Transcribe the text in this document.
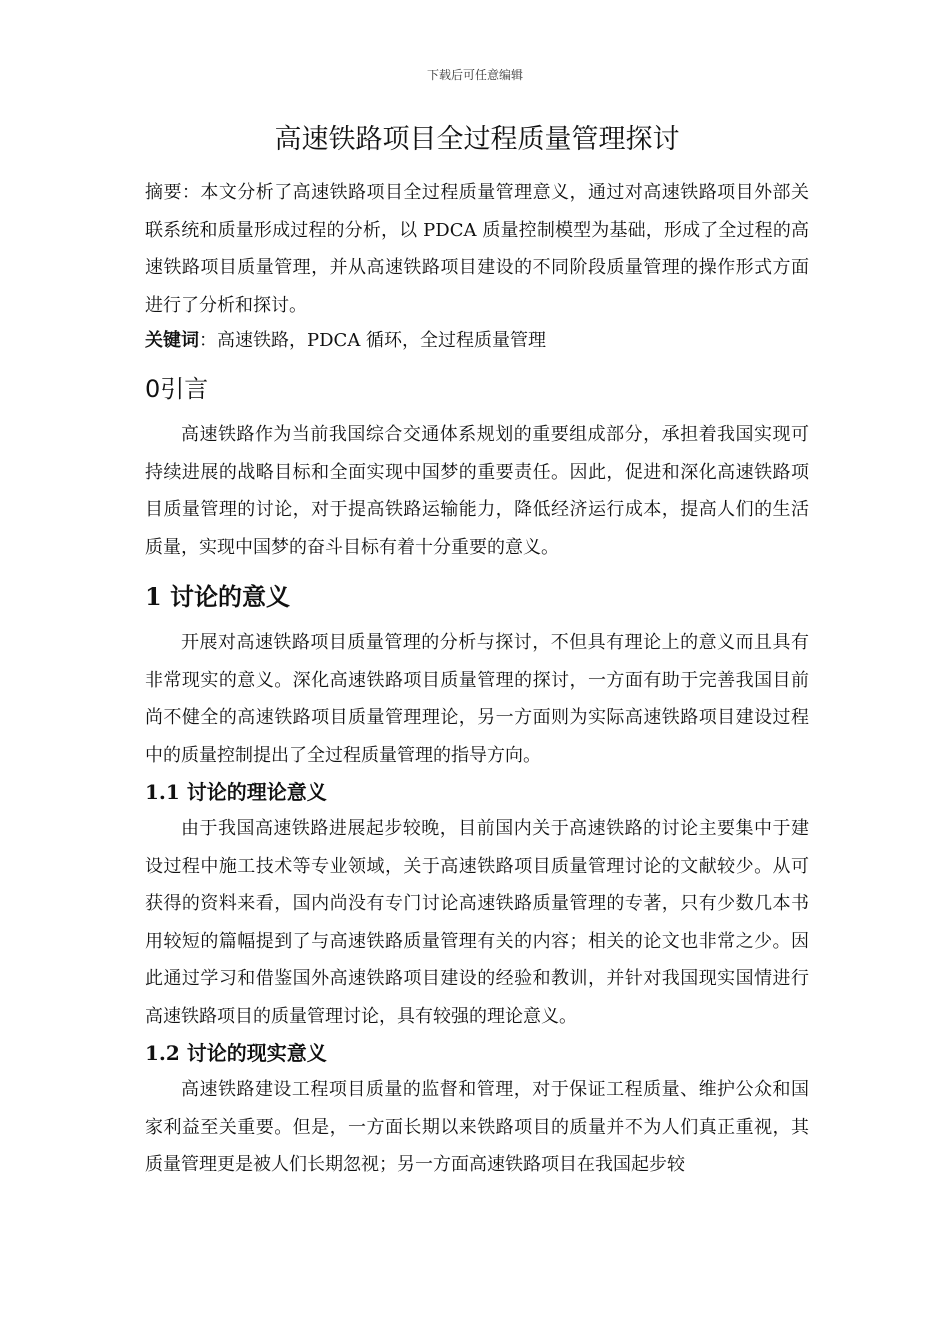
下载后可任意编辑
高速铁路项目全过程质量管理探讨

摘要：本文分析了高速铁路项目全过程质量管理意义，通过对高速铁路项目外部关联系统和质量形成过程的分析，以 PDCA 质量控制模型为基础，形成了全过程的高速铁路项目质量管理，并从高速铁路项目建设的不同阶段质量管理的操作形式方面进行了分析和探讨。

关键词：高速铁路，PDCA 循环，全过程质量管理

0引言

高速铁路作为当前我国综合交通体系规划的重要组成部分，承担着我国实现可持续进展的战略目标和全面实现中国梦的重要责任。因此，促进和深化高速铁路项目质量管理的讨论，对于提高铁路运输能力，降低经济运行成本，提高人们的生活质量，实现中国梦的奋斗目标有着十分重要的意义。

1 讨论的意义

开展对高速铁路项目质量管理的分析与探讨，不但具有理论上的意义而且具有非常现实的意义。深化高速铁路项目质量管理的探讨，一方面有助于完善我国目前尚不健全的高速铁路项目质量管理理论，另一方面则为实际高速铁路项目建设过程中的质量控制提出了全过程质量管理的指导方向。

1.1 讨论的理论意义

由于我国高速铁路进展起步较晚，目前国内关于高速铁路的讨论主要集中于建设过程中施工技术等专业领域，关于高速铁路项目质量管理讨论的文献较少。从可获得的资料来看，国内尚没有专门讨论高速铁路质量管理的专著，只有少数几本书用较短的篇幅提到了与高速铁路质量管理有关的内容；相关的论文也非常之少。因此通过学习和借鉴国外高速铁路项目建设的经验和教训，并针对我国现实国情进行高速铁路项目的质量管理讨论，具有较强的理论意义。

1.2 讨论的现实意义

高速铁路建设工程项目质量的监督和管理，对于保证工程质量、维护公众和国家利益至关重要。但是，一方面长期以来铁路项目的质量并不为人们真正重视，其质量管理更是被人们长期忽视；另一方面高速铁路项目在我国起步较
